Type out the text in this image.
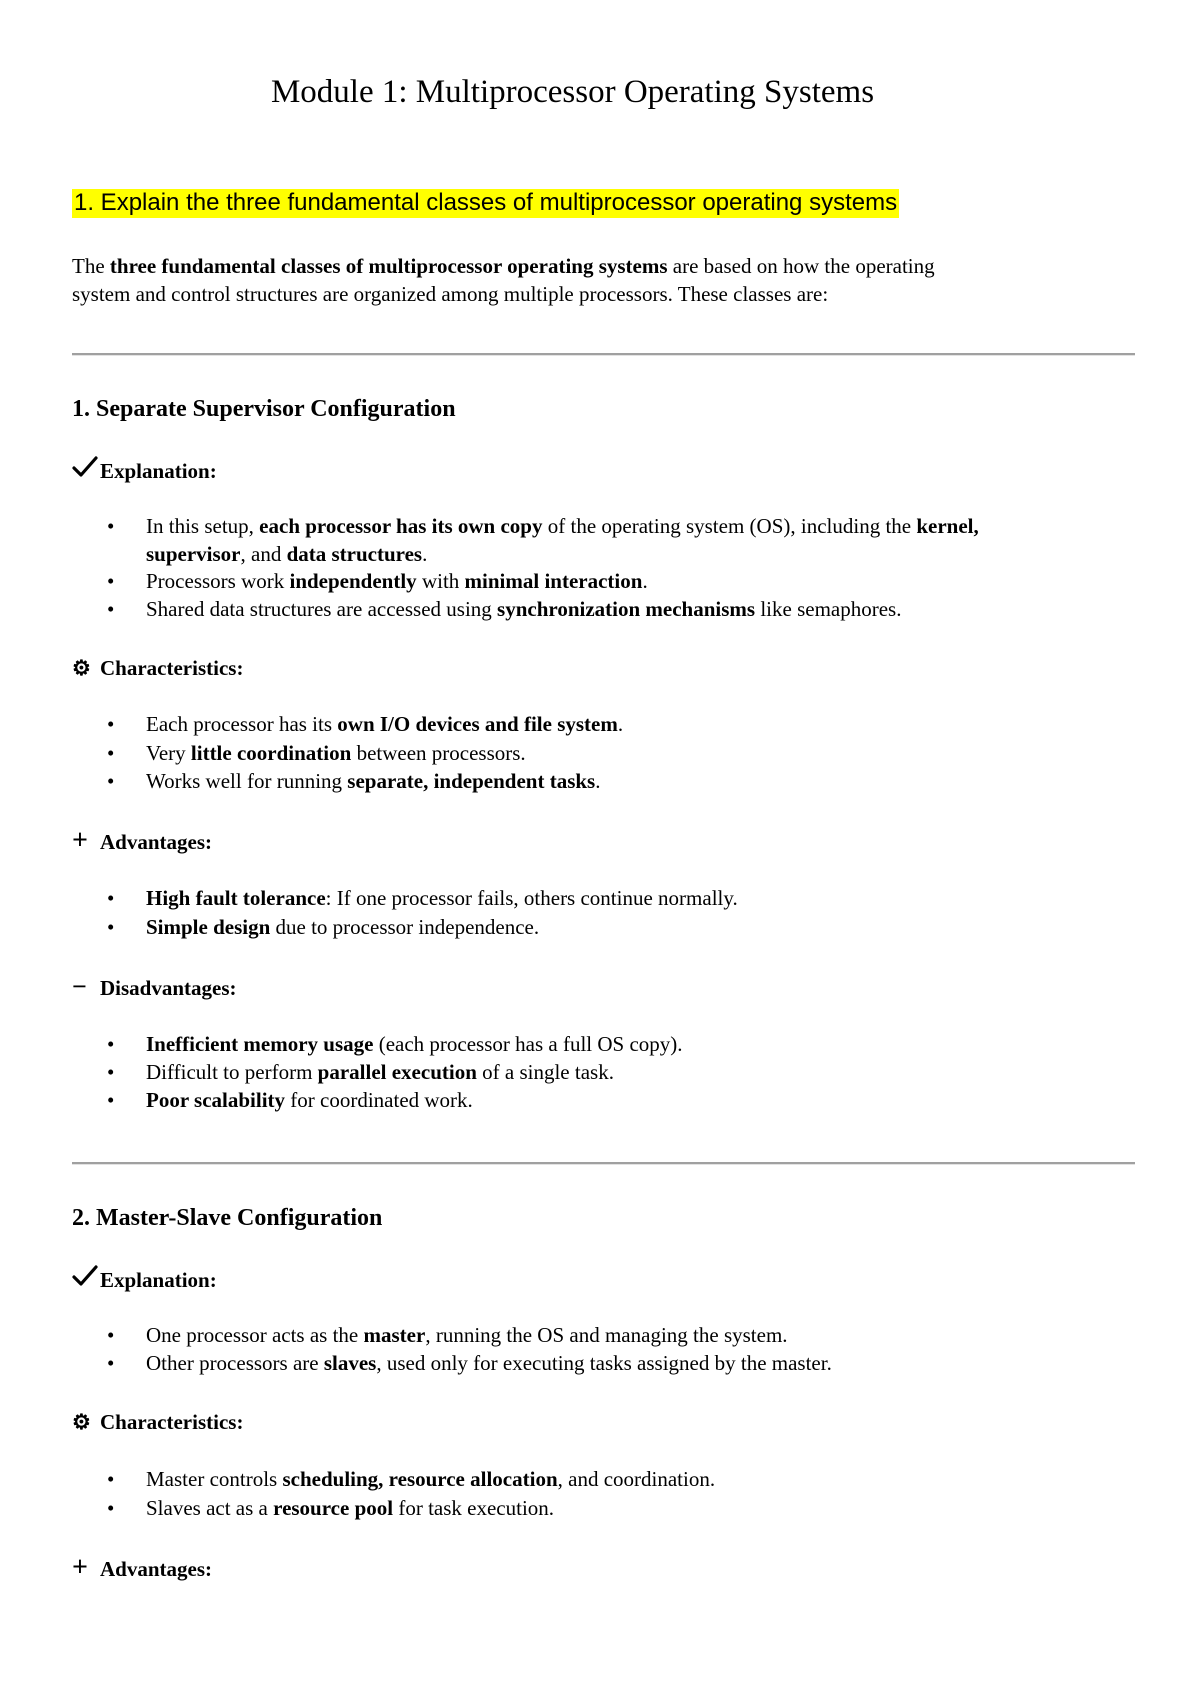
Module 1: Multiprocessor Operating Systems
1. Explain the three fundamental classes of multiprocessor operating systems
The three fundamental classes of multiprocessor operating systems are based on how the operating
system and control structures are organized among multiple processors. These classes are:
1. Separate Supervisor Configuration
Explanation:
• In this setup, each processor has its own copy of the operating system (OS), including the kernel,
supervisor, and data structures.
• Processors work independently with minimal interaction.
• Shared data structures are accessed using synchronization mechanisms like semaphores.
⚙ Characteristics:
• Each processor has its own I/O devices and file system.
• Very little coordination between processors.
• Works well for running separate, independent tasks.
+ Advantages:
• High fault tolerance: If one processor fails, others continue normally.
• Simple design due to processor independence.
− Disadvantages:
• Inefficient memory usage (each processor has a full OS copy).
• Difficult to perform parallel execution of a single task.
• Poor scalability for coordinated work.
2. Master-Slave Configuration
Explanation:
• One processor acts as the master, running the OS and managing the system.
• Other processors are slaves, used only for executing tasks assigned by the master.
⚙ Characteristics:
• Master controls scheduling, resource allocation, and coordination.
• Slaves act as a resource pool for task execution.
+ Advantages:
